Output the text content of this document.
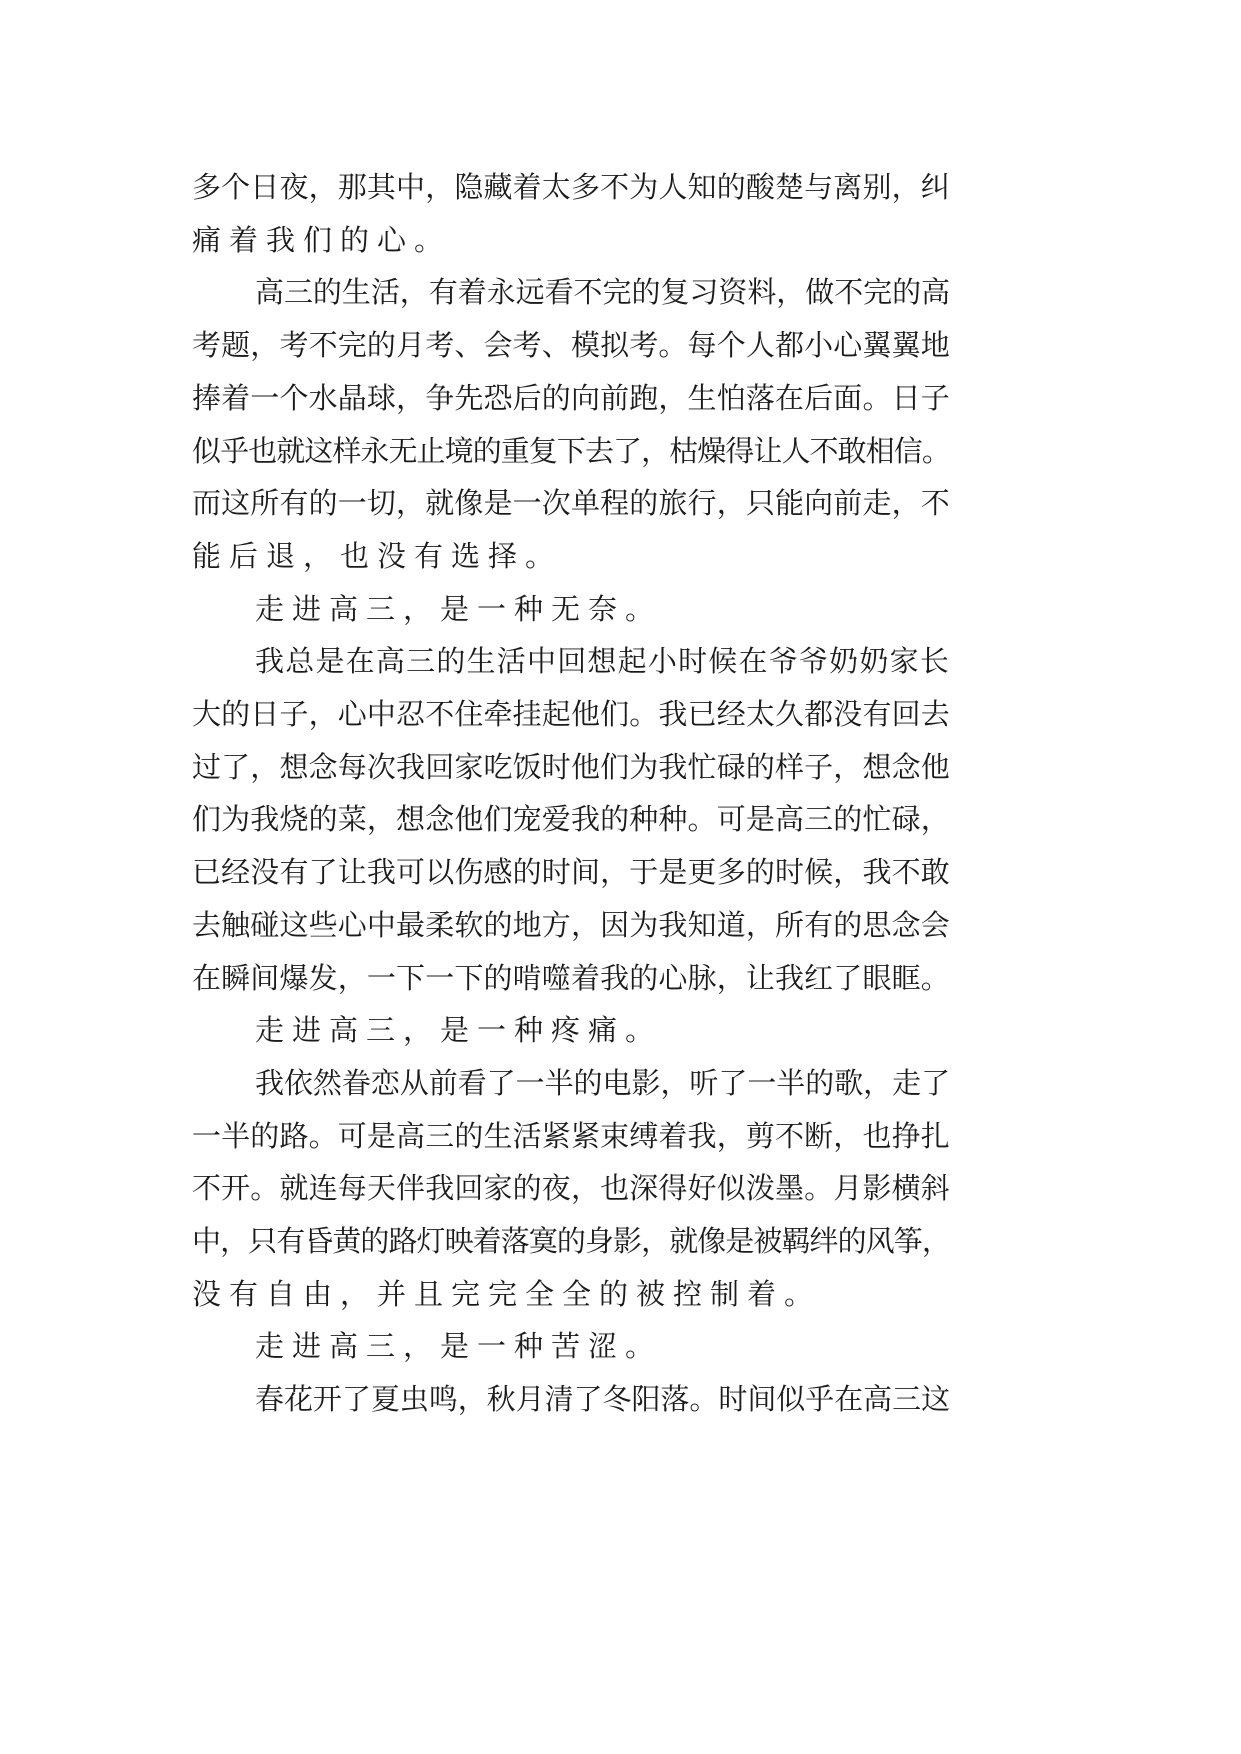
多个日夜，那其中，隐藏着太多不为人知的酸楚与离别，纠
痛着我们的心。
高三的生活，有着永远看不完的复习资料，做不完的高
考题，考不完的月考、会考、模拟考。每个人都小心翼翼地
捧着一个水晶球，争先恐后的向前跑，生怕落在后面。日子
似乎也就这样永无止境的重复下去了，枯燥得让人不敢相信。
而这所有的一切，就像是一次单程的旅行，只能向前走，不
能后退，也没有选择。
走进高三，是一种无奈。
我总是在高三的生活中回想起小时候在爷爷奶奶家长
大的日子，心中忍不住牵挂起他们。我已经太久都没有回去
过了，想念每次我回家吃饭时他们为我忙碌的样子，想念他
们为我烧的菜，想念他们宠爱我的种种。可是高三的忙碌，
已经没有了让我可以伤感的时间，于是更多的时候，我不敢
去触碰这些心中最柔软的地方，因为我知道，所有的思念会
在瞬间爆发，一下一下的啃噬着我的心脉，让我红了眼眶。
走进高三，是一种疼痛。
我依然眷恋从前看了一半的电影，听了一半的歌，走了
一半的路。可是高三的生活紧紧束缚着我，剪不断，也挣扎
不开。就连每天伴我回家的夜，也深得好似泼墨。月影横斜
中，只有昏黄的路灯映着落寞的身影，就像是被羁绊的风筝，
没有自由，并且完完全全的被控制着。
走进高三，是一种苦涩。
春花开了夏虫鸣，秋月清了冬阳落。时间似乎在高三这
